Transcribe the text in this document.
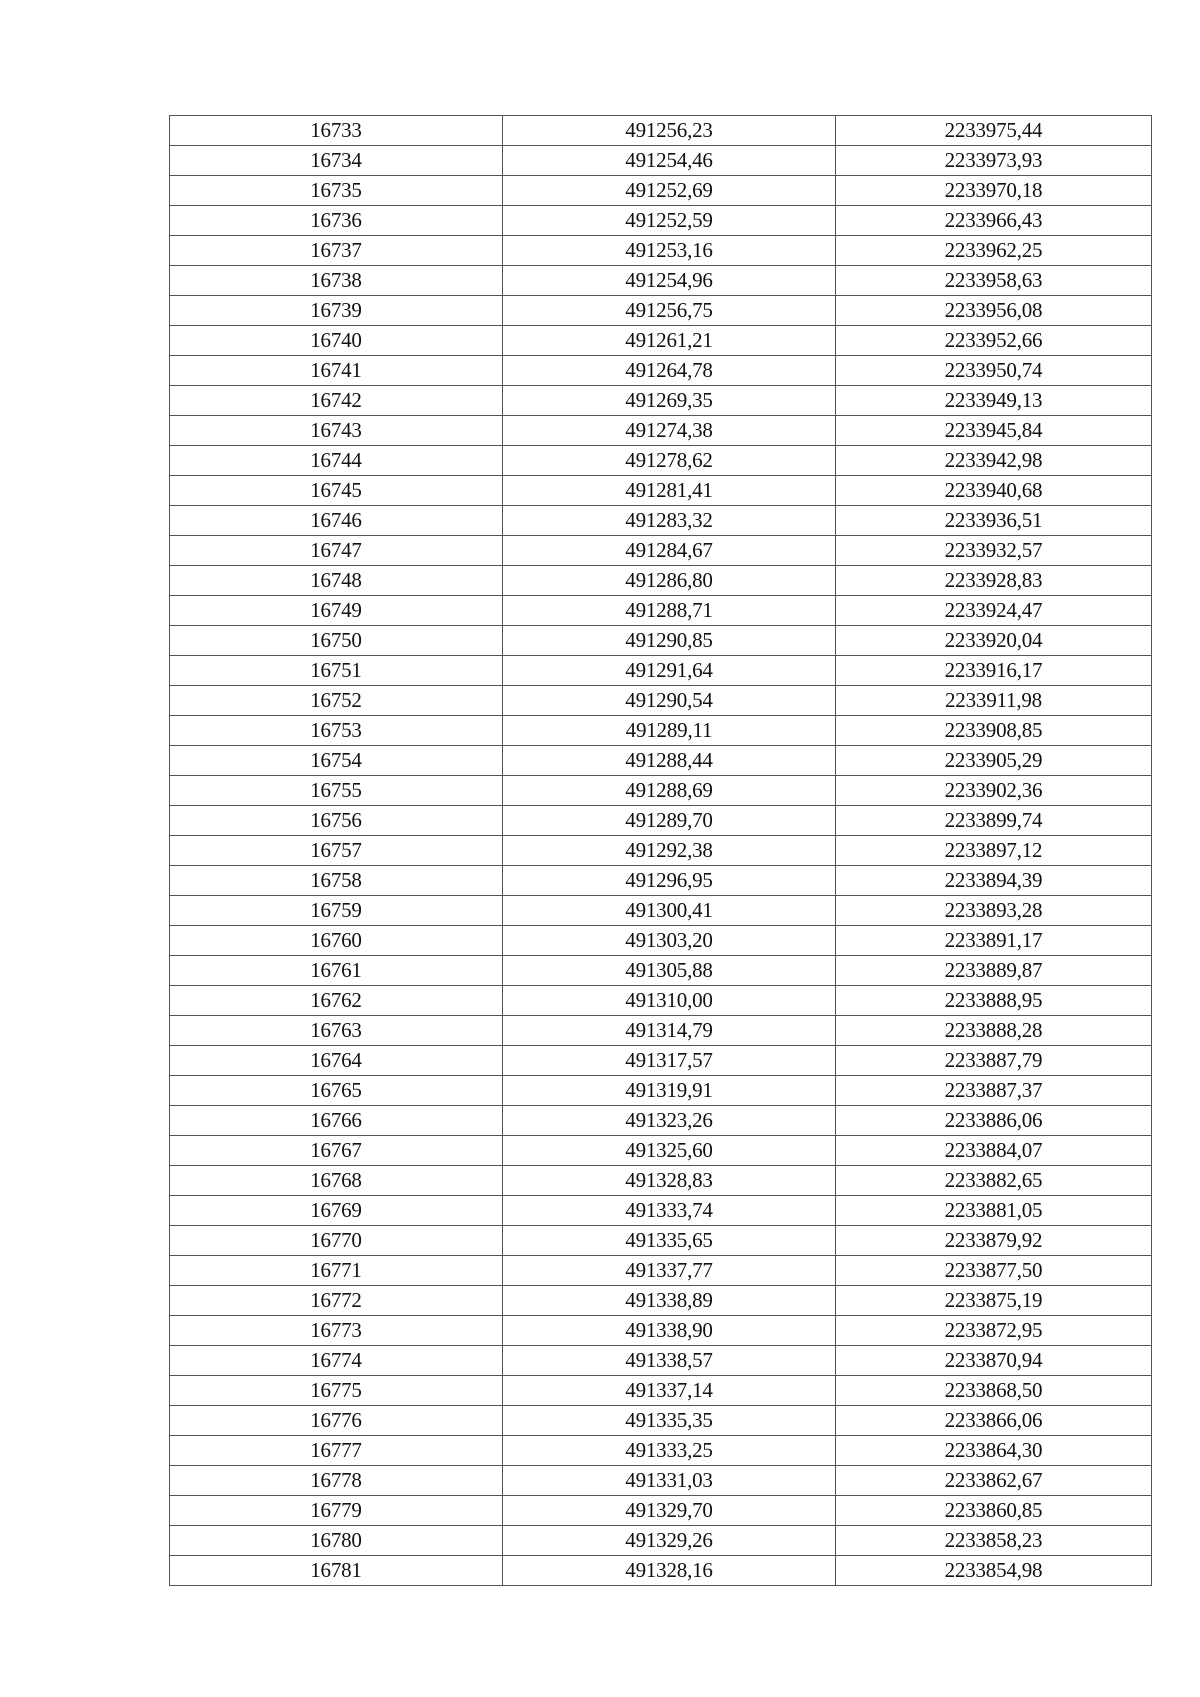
16733	491256,23	2233975,44
16734	491254,46	2233973,93
16735	491252,69	2233970,18
16736	491252,59	2233966,43
16737	491253,16	2233962,25
16738	491254,96	2233958,63
16739	491256,75	2233956,08
16740	491261,21	2233952,66
16741	491264,78	2233950,74
16742	491269,35	2233949,13
16743	491274,38	2233945,84
16744	491278,62	2233942,98
16745	491281,41	2233940,68
16746	491283,32	2233936,51
16747	491284,67	2233932,57
16748	491286,80	2233928,83
16749	491288,71	2233924,47
16750	491290,85	2233920,04
16751	491291,64	2233916,17
16752	491290,54	2233911,98
16753	491289,11	2233908,85
16754	491288,44	2233905,29
16755	491288,69	2233902,36
16756	491289,70	2233899,74
16757	491292,38	2233897,12
16758	491296,95	2233894,39
16759	491300,41	2233893,28
16760	491303,20	2233891,17
16761	491305,88	2233889,87
16762	491310,00	2233888,95
16763	491314,79	2233888,28
16764	491317,57	2233887,79
16765	491319,91	2233887,37
16766	491323,26	2233886,06
16767	491325,60	2233884,07
16768	491328,83	2233882,65
16769	491333,74	2233881,05
16770	491335,65	2233879,92
16771	491337,77	2233877,50
16772	491338,89	2233875,19
16773	491338,90	2233872,95
16774	491338,57	2233870,94
16775	491337,14	2233868,50
16776	491335,35	2233866,06
16777	491333,25	2233864,30
16778	491331,03	2233862,67
16779	491329,70	2233860,85
16780	491329,26	2233858,23
16781	491328,16	2233854,98
